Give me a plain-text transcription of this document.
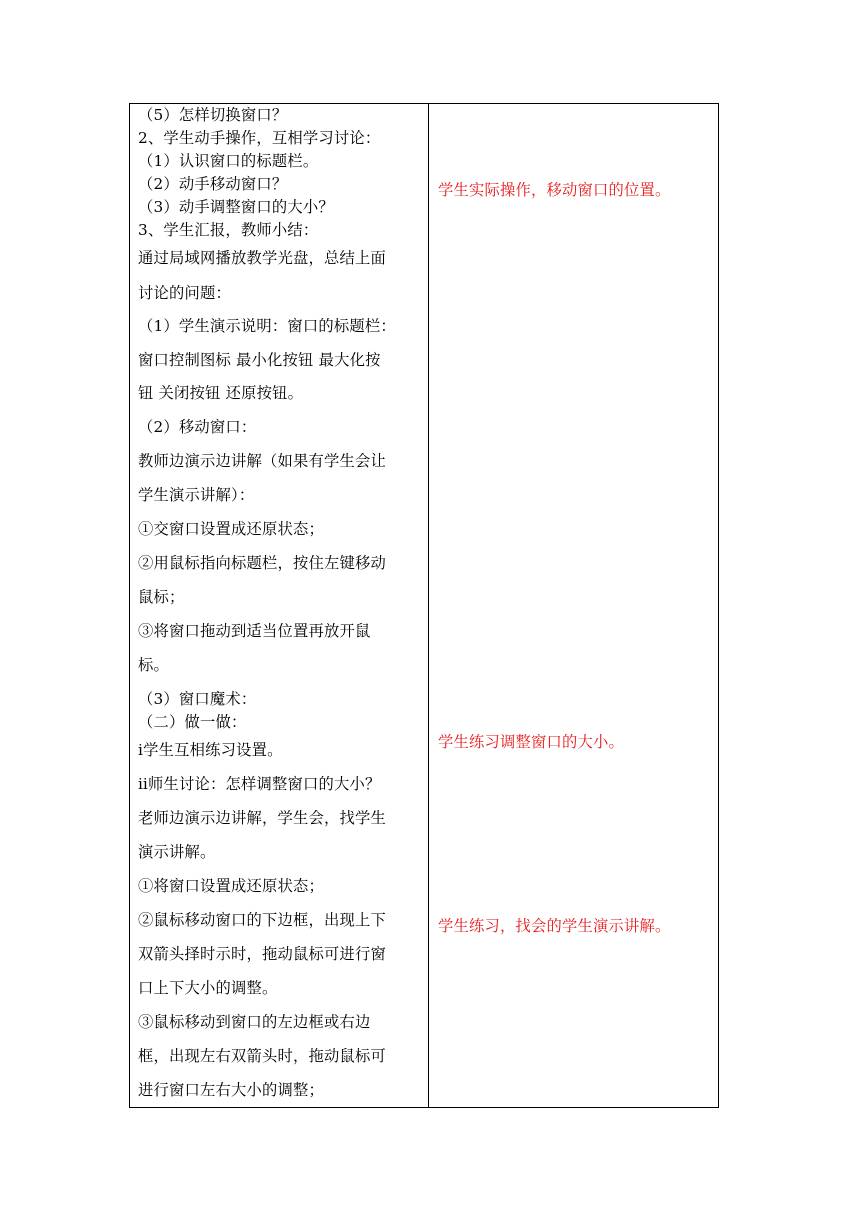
（5）怎样切换窗口？
2、学生动手操作，互相学习讨论：
（1）认识窗口的标题栏。
（2）动手移动窗口？
（3）动手调整窗口的大小？
3、学生汇报，教师小结：
通过局域网播放教学光盘，总结上面
讨论的问题：
（1）学生演示说明：窗口的标题栏：
窗口控制图标 最小化按钮 最大化按
钮 关闭按钮 还原按钮。
（2）移动窗口：
教师边演示边讲解（如果有学生会让
学生演示讲解）：
①交窗口设置成还原状态；
②用鼠标指向标题栏，按住左键移动
鼠标；
③将窗口拖动到适当位置再放开鼠
标。
（3）窗口魔术：
（二）做一做：
ⅰ学生互相练习设置。
ⅱ师生讨论：怎样调整窗口的大小？
老师边演示边讲解，学生会，找学生
演示讲解。
①将窗口设置成还原状态；
②鼠标移动窗口的下边框，出现上下
双箭头择时示时，拖动鼠标可进行窗
口上下大小的调整。
③鼠标移动到窗口的左边框或右边
框，出现左右双箭头时，拖动鼠标可
进行窗口左右大小的调整；
学生实际操作，移动窗口的位置。
学生练习调整窗口的大小。
学生练习，找会的学生演示讲解。
